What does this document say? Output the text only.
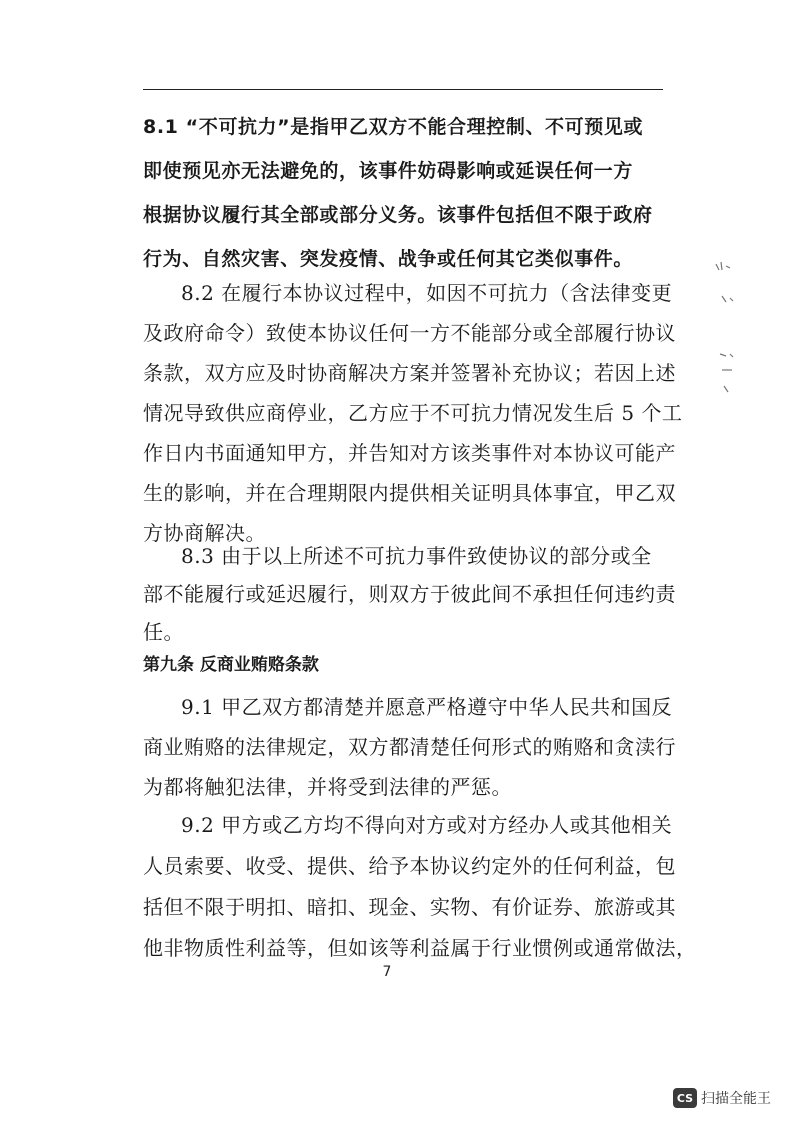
8.1 “不可抗力”是指甲乙双方不能合理控制、不可预见或
即使预见亦无法避免的，该事件妨碍影响或延误任何一方
根据协议履行其全部或部分义务。该事件包括但不限于政府
行为、自然灾害、突发疫情、战争或任何其它类似事件。
8.2 在履行本协议过程中，如因不可抗力（含法律变更
及政府命令）致使本协议任何一方不能部分或全部履行协议
条款，双方应及时协商解决方案并签署补充协议；若因上述
情况导致供应商停业，乙方应于不可抗力情况发生后 5 个工
作日内书面通知甲方，并告知对方该类事件对本协议可能产
生的影响，并在合理期限内提供相关证明具体事宜，甲乙双
方协商解决。
8.3 由于以上所述不可抗力事件致使协议的部分或全
部不能履行或延迟履行，则双方于彼此间不承担任何违约责
任。
第九条 反商业贿赂条款
9.1 甲乙双方都清楚并愿意严格遵守中华人民共和国反
商业贿赂的法律规定，双方都清楚任何形式的贿赂和贪渎行
为都将触犯法律，并将受到法律的严惩。
9.2 甲方或乙方均不得向对方或对方经办人或其他相关
人员索要、收受、提供、给予本协议约定外的任何利益，包
括但不限于明扣、暗扣、现金、实物、有价证券、旅游或其
他非物质性利益等，但如该等利益属于行业惯例或通常做法，
7
CS 扫描全能王
